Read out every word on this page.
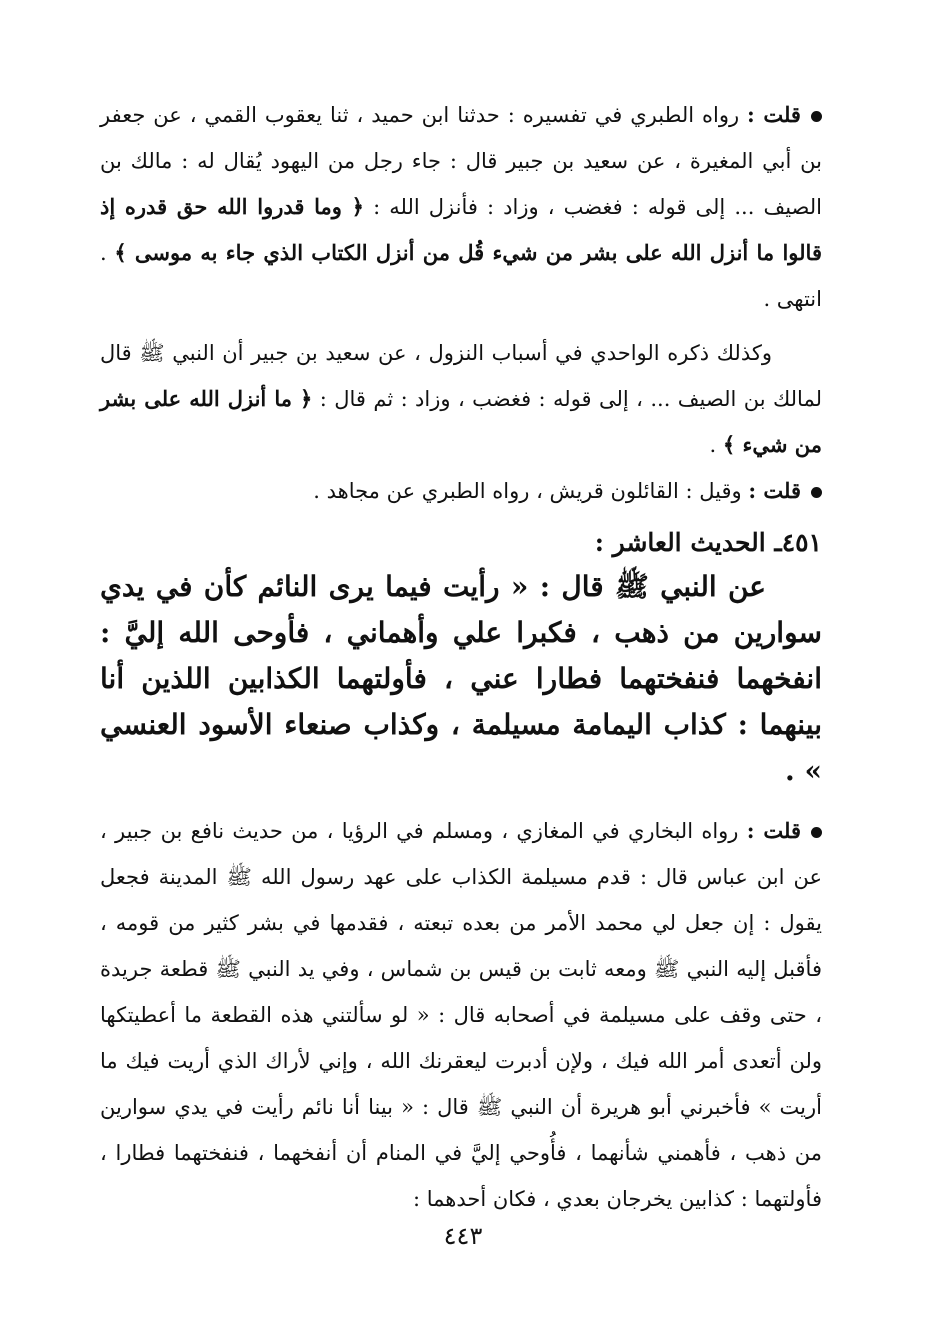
قلت : رواه الطبري في تفسيره : حدثنا ابن حميد ، ثنا يعقوب القمي ، عن جعفر بن أبي المغيرة ، عن سعيد بن جبير قال : جاء رجل من اليهود يُقال له : مالك بن الصيف ... إلى قوله : فغضب ، وزاد : فأنزل الله : ﴿ وما قدروا الله حق قدره إذ قالوا ما أنزل الله على بشر من شيء قُل من أنزل الكتاب الذي جاء به موسى ﴾ . انتهى .

وكذلك ذكره الواحدي في أسباب النزول ، عن سعيد بن جبير أن النبي ﷺ قال لمالك بن الصيف ... ، إلى قوله : فغضب ، وزاد : ثم قال : ﴿ ما أنزل الله على بشر من شيء ﴾ .

قلت : وقيل : القائلون قريش ، رواه الطبري عن مجاهد .

٤٥١ـ الحديث العاشر :

عن النبي ﷺ قال : « رأيت فيما يرى النائم كأن في يدي سوارين من ذهب ، فكبرا علي وأهماني ، فأوحى الله إليَّ : انفخهما فنفختهما فطارا عني ، فأولتهما الكذابين اللذين أنا بينهما : كذاب اليمامة مسيلمة ، وكذاب صنعاء الأسود العنسي » .

قلت : رواه البخاري في المغازي ، ومسلم في الرؤيا ، من حديث نافع بن جبير ، عن ابن عباس قال : قدم مسيلمة الكذاب على عهد رسول الله ﷺ المدينة فجعل يقول : إن جعل لي محمد الأمر من بعده تبعته ، فقدمها في بشر كثير من قومه ، فأقبل إليه النبي ﷺ ومعه ثابت بن قيس بن شماس ، وفي يد النبي ﷺ قطعة جريدة ، حتى وقف على مسيلمة في أصحابه قال : « لو سألتني هذه القطعة ما أعطيتكها ولن أتعدى أمر الله فيك ، ولإن أدبرت ليعقرنك الله ، وإني لأراك الذي أريت فيك ما أريت » فأخبرني أبو هريرة أن النبي ﷺ قال : « بينا أنا نائم رأيت في يدي سوارين من ذهب ، فأهمني شأنهما ، فأُوحي إليَّ في المنام أن أنفخهما ، فنفختهما فطارا ، فأولتهما : كذابين يخرجان بعدي ، فكان أحدهما :

٤٤٣
